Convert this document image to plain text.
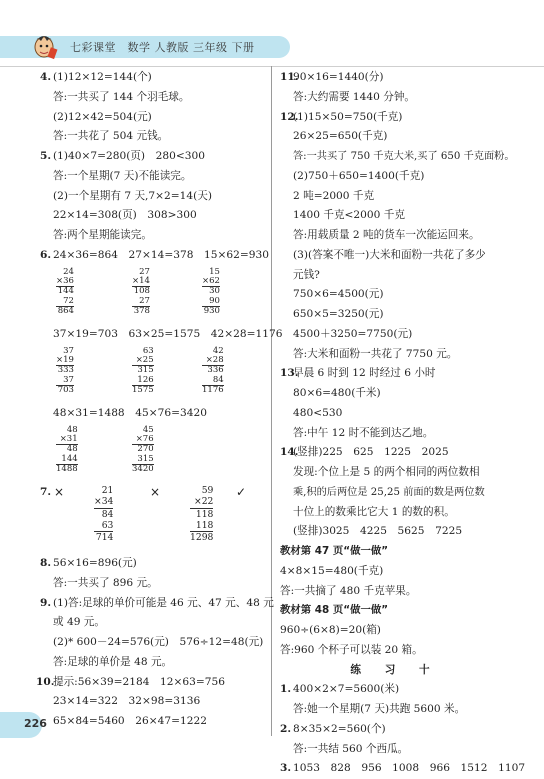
七彩课堂　 数学 人教版 三年级 下册
4. (1)12×12=144(个)
答:一共买了 144 个羽毛球。
(2)12×42=504(元)
答:一共花了 504 元钱。
5. (1)40×7=280(页)　280<300
答:一个星期(7 天)不能读完。
(2)一个星期有 7 天,7×2=14(天)
22×14=308(页)　308>300
答:两个星期能读完。
6. 24×36=864　27×14=378　15×62=930
24
×36
144
72
864
27
×14
108
27
378
15
×62
30
90
930
37×19=703　63×25=1575　42×28=1176
37
×19
333
37
703
63
×25
315
126
1575
42
×28
336
84
1176
48×31=1488　45×76=3420
48
×31
48
144
1488
45
×76
270
315
3420
7. ×	×	✓
21
×34
84
63
714
59
×22
118
118
1298
8. 56×16=896(元)
答:一共买了 896 元。
9. (1)答:足球的单价可能是 46 元、47 元、48 元
或 49 元。
(2)* 600－24=576(元)　576÷12=48(元)
答:足球的单价是 48 元。
10.提示:56×39=2184　12×63=756
23×14=322　32×98=3136
65×84=5460　26×47=1222
11.90×16=1440(分)
答:大约需要 1440 分钟。
12.(1)15×50=750(千克)
26×25=650(千克)
答:一共买了 750 千克大米,买了 650 千克面粉。
(2)750＋650=1400(千克)
2 吨=2000 千克
1400 千克<2000 千克
答:用载质量 2 吨的货车一次能运回来。
(3)(答案不唯一)大米和面粉一共花了多少
元钱?
750×6=4500(元)
650×5=3250(元)
4500＋3250=7750(元)
答:大米和面粉一共花了 7750 元。
13.早晨 6 时到 12 时经过 6 小时
80×6=480(千米)
480<530
答:中午 12 时不能到达乙地。
14.(竖排)225　625　1225　2025
发现:个位上是 5 的两个相同的两位数相
乘,积的后两位是 25,25 前面的数是两位数
十位上的数乘比它大 1 的数的积。
(竖排)3025　4225　5625　7225
教材第 47 页“做一做”
4×8×15=480(千克)
答:一共摘了 480 千克苹果。
教材第 48 页“做一做”
960÷(6×8)=20(箱)
答:960 个杯子可以装 20 箱。
练 习 十
1. 400×2×7=5600(米)
答:她一个星期(7 天)共跑 5600 米。
2. 8×35×2=560(个)
答:一共结 560 个西瓜。
3. 1053　828　956　1008　966　1512　1107
226
